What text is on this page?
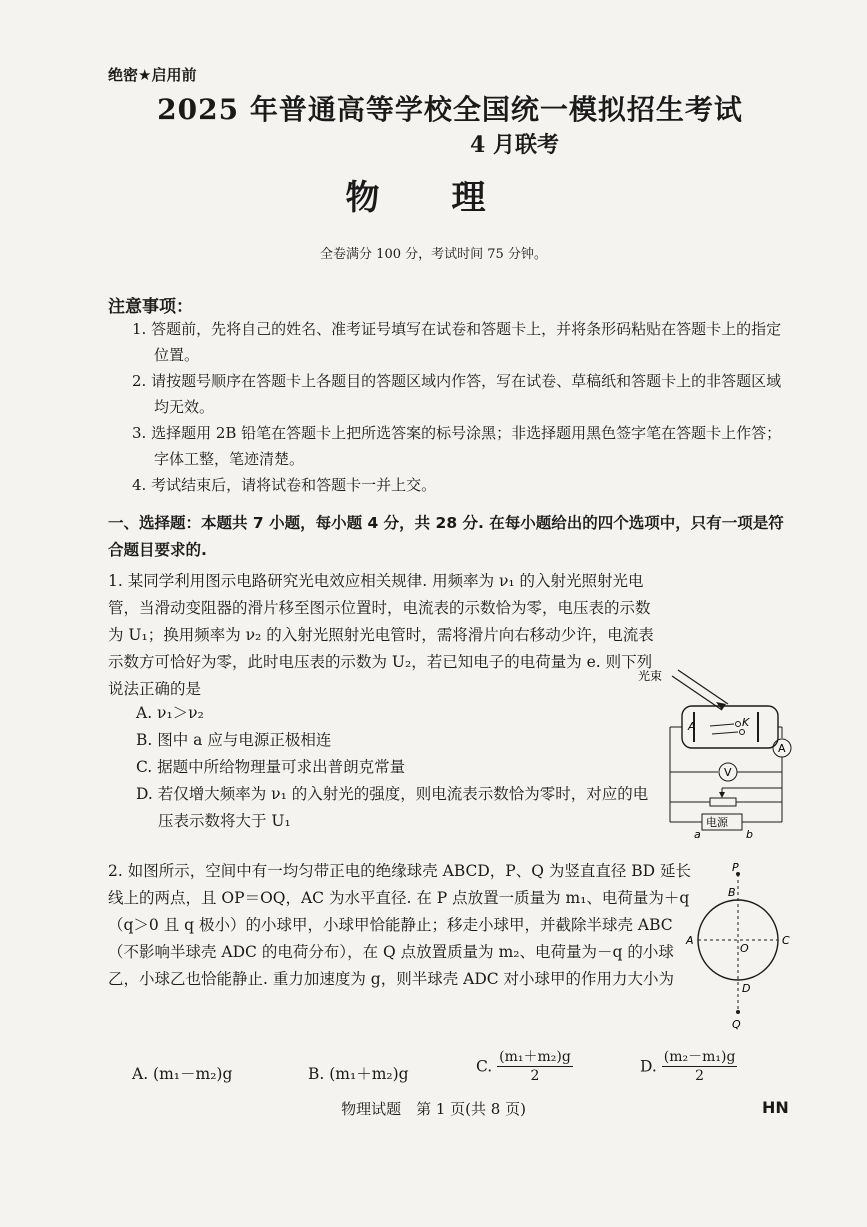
绝密★启用前
2025 年普通高等学校全国统一模拟招生考试
4 月联考
物理
全卷满分 100 分，考试时间 75 分钟。
注意事项：
1. 答题前，先将自己的姓名、准考证号填写在试卷和答题卡上，并将条形码粘贴在答题卡上的指定位置。
2. 请按题号顺序在答题卡上各题目的答题区域内作答，写在试卷、草稿纸和答题卡上的非答题区域均无效。
3. 选择题用 2B 铅笔在答题卡上把所选答案的标号涂黑；非选择题用黑色签字笔在答题卡上作答；字体工整，笔迹清楚。
4. 考试结束后，请将试卷和答题卡一并上交。
一、选择题：本题共 7 小题，每小题 4 分，共 28 分. 在每小题给出的四个选项中，只有一项是符合题目要求的.

1. 某同学利用图示电路研究光电效应相关规律. 用频率为 ν₁ 的入射光照射光电管，当滑动变阻器的滑片移至图示位置时，电流表的示数恰为零，电压表的示数为 U₁；换用频率为 ν₂ 的入射光照射光电管时，需将滑片向右移动少许，电流表示数方可恰好为零，此时电压表的示数为 U₂，若已知电子的电荷量为 e. 则下列说法正确的是

A. ν₁＞ν₂
B. 图中 a 应与电源正极相连
C. 据题中所给物理量可求出普朗克常量
D. 若仅增大频率为 ν₁ 的入射光的强度，则电流表示数恰为零时，对应的电压表示数将大于 U₁
光束
A	K
A
V
电源
a	b

2. 如图所示，空间中有一均匀带正电的绝缘球壳 ABCD，P、Q 为竖直直径 BD 延长线上的两点，且 OP＝OQ，AC 为水平直径. 在 P 点放置一质量为 m₁、电荷量为＋q（q＞0 且 q 极小）的小球甲，小球甲恰能静止；移走小球甲，并截除半球壳 ABC（不影响半球壳 ADC 的电荷分布），在 Q 点放置质量为 m₂、电荷量为－q 的小球乙，小球乙也恰能静止. 重力加速度为 g，则半球壳 ADC 对小球甲的作用力大小为

P
B
A
O
C
D
Q
A. (m₁－m₂)g	B. (m₁＋m₂)g	C. $\frac{\text{(m₁＋m₂)g}}{2}$	D. $\frac{\text{(m₂－m₁)g}}{2}$
物理试题　第 1 页(共 8 页)	HN
